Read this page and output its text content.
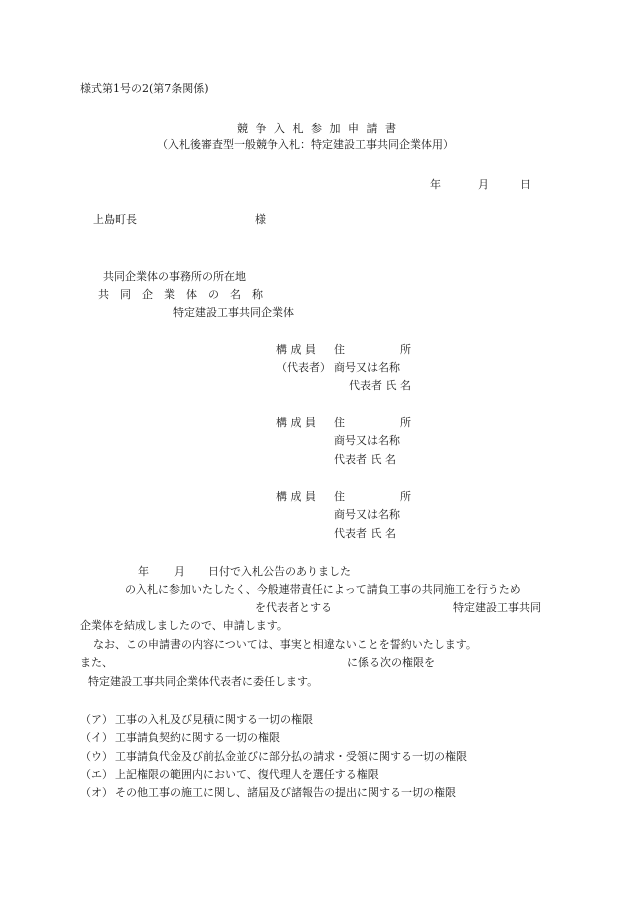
様式第1号の2(第7条関係)
競 争 入 札 参 加 申 請 書
（入札後審査型一般競争入札：特定建設工事共同企業体用）
年	月	日
上島町長	様
共同企業体の事務所の所在地
共　同　企　業　体　の　名　称
特定建設工事共同企業体
構 成 員 住　　　　　所
（代表者） 商号又は名称
代表者 氏 名
構 成 員 住　　　　　所
商号又は名称
代表者 氏 名
構 成 員 住　　　　　所
商号又は名称
代表者 氏 名
年 月 日付で入札公告のありました
の入札に参加いたしたく、今般連帯責任によって請負工事の共同施工を行うため
を代表者とする	特定建設工事共同
企業体を結成しましたので、申請します。
なお、この申請書の内容については、事実と相違ないことを誓約いたします。
また、	に係る次の権限を
特定建設工事共同企業体代表者に委任します。
（ア） 工事の入札及び見積に関する一切の権限
（イ） 工事請負契約に関する一切の権限
（ウ） 工事請負代金及び前払金並びに部分払の請求・受領に関する一切の権限
（エ） 上記権限の範囲内において、復代理人を選任する権限
（オ） その他工事の施工に関し、諸届及び諸報告の提出に関する一切の権限
